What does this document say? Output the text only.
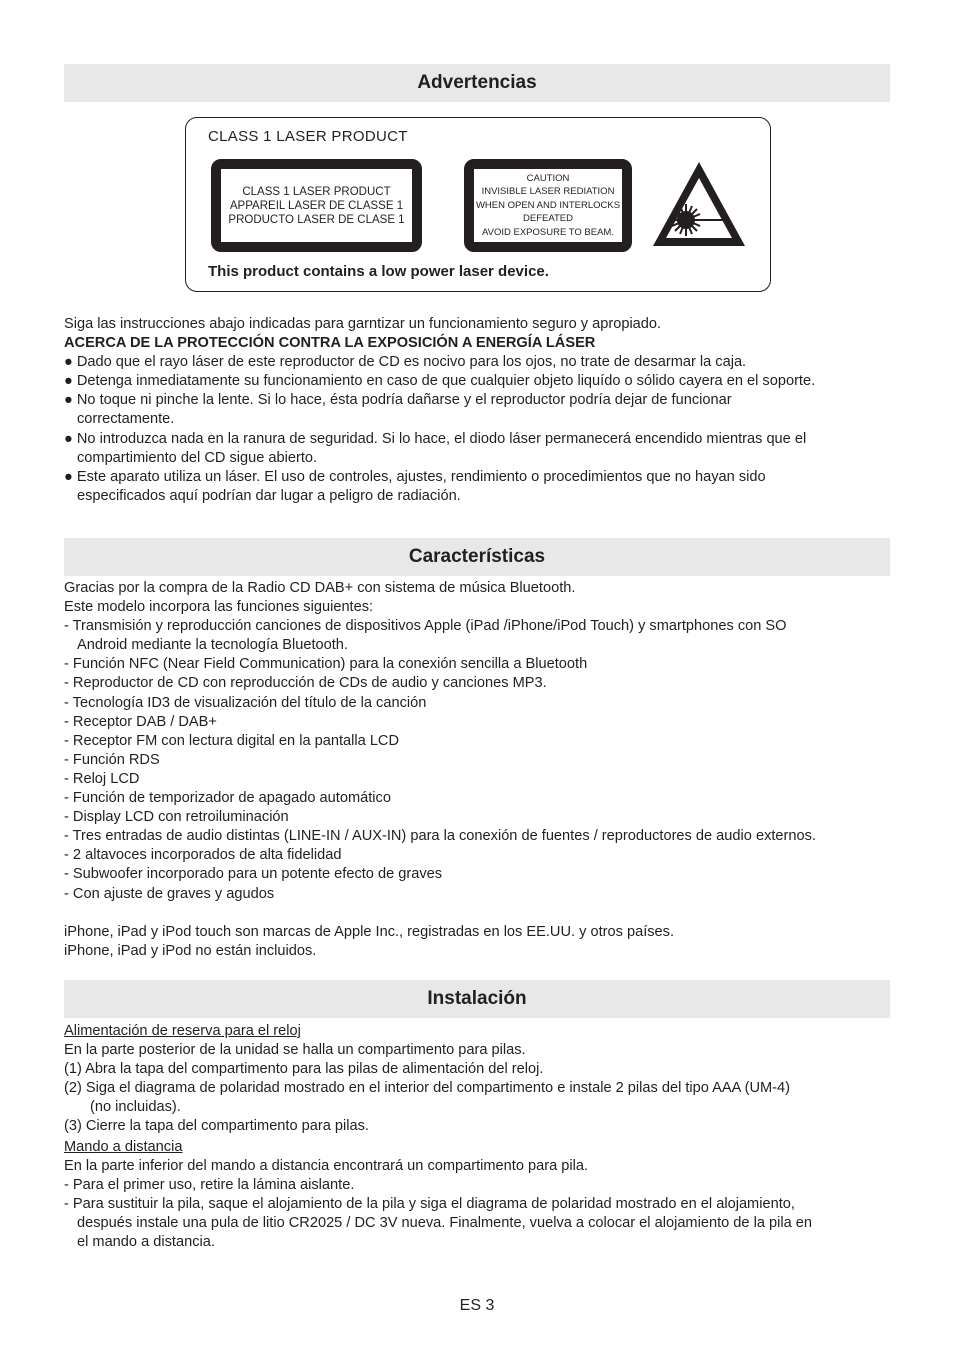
Advertencias
CLASS 1 LASER PRODUCT
CLASS 1 LASER PRODUCT
APPAREIL LASER DE CLASSE 1
PRODUCTO LASER DE CLASE 1
CAUTION
INVISIBLE LASER REDIATION
WHEN OPEN AND INTERLOCKS
DEFEATED
AVOID EXPOSURE TO BEAM.
This product contains a low power laser device.
Siga las instrucciones abajo indicadas para garntizar un funcionamiento seguro y apropiado.
ACERCA DE LA PROTECCIÓN CONTRA LA EXPOSICIÓN A ENERGÍA LÁSER
● Dado que el rayo láser de este reproductor de CD es nocivo para los ojos, no trate de desarmar la caja.
● Detenga inmediatamente su funcionamiento en caso de que cualquier objeto liquído o sólido cayera en el soporte.
● No toque ni pinche la lente. Si lo hace, ésta podría dañarse y el reproductor podría dejar de funcionar
correctamente.
● No introduzca nada en la ranura de seguridad. Si lo hace, el diodo láser permanecerá encendido mientras que el
compartimiento del CD sigue abierto.
● Este aparato utiliza un láser. El uso de controles, ajustes, rendimiento o procedimientos que no hayan sido
especificados aquí podrían dar lugar a peligro de radiación.
Características
Gracias por la compra de la Radio CD DAB+ con sistema de música Bluetooth.
Este modelo incorpora las funciones siguientes:
- Transmisión y reproducción canciones de dispositivos Apple (iPad /iPhone/iPod Touch) y smartphones con SO
Android mediante la tecnología Bluetooth.
- Función NFC (Near Field Communication) para la conexión sencilla a Bluetooth
- Reproductor de CD con reproducción de CDs de audio y canciones MP3.
- Tecnología ID3 de visualización del título de la canción
- Receptor DAB / DAB+
- Receptor FM con lectura digital en la pantalla LCD
- Función RDS
- Reloj LCD
- Función de temporizador de apagado automático
- Display LCD con retroiluminación
- Tres entradas de audio distintas (LINE-IN / AUX-IN) para la conexión de fuentes / reproductores de audio externos.
- 2 altavoces incorporados de alta fidelidad
- Subwoofer incorporado para un potente efecto de graves
- Con ajuste de graves y agudos
iPhone, iPad y iPod touch son marcas de Apple Inc., registradas en los EE.UU. y otros países.
iPhone, iPad y iPod no están incluidos.
Instalación
Alimentación de reserva para el reloj
En la parte posterior de la unidad se halla un compartimento para pilas.
(1) Abra la tapa del compartimento para las pilas de alimentación del reloj.
(2) Siga el diagrama de polaridad mostrado en el interior del compartimento e instale 2 pilas del tipo AAA (UM-4)
(no incluidas).
(3) Cierre la tapa del compartimento para pilas.
Mando a distancia
En la parte inferior del mando a distancia encontrará un compartimento para pila.
- Para el primer uso, retire la lámina aislante.
- Para sustituir la pila, saque el alojamiento de la pila y siga el diagrama de polaridad mostrado en el alojamiento,
después instale una pula de litio CR2025 / DC 3V nueva. Finalmente, vuelva a colocar el alojamiento de la pila en
el mando a distancia.
ES 3
